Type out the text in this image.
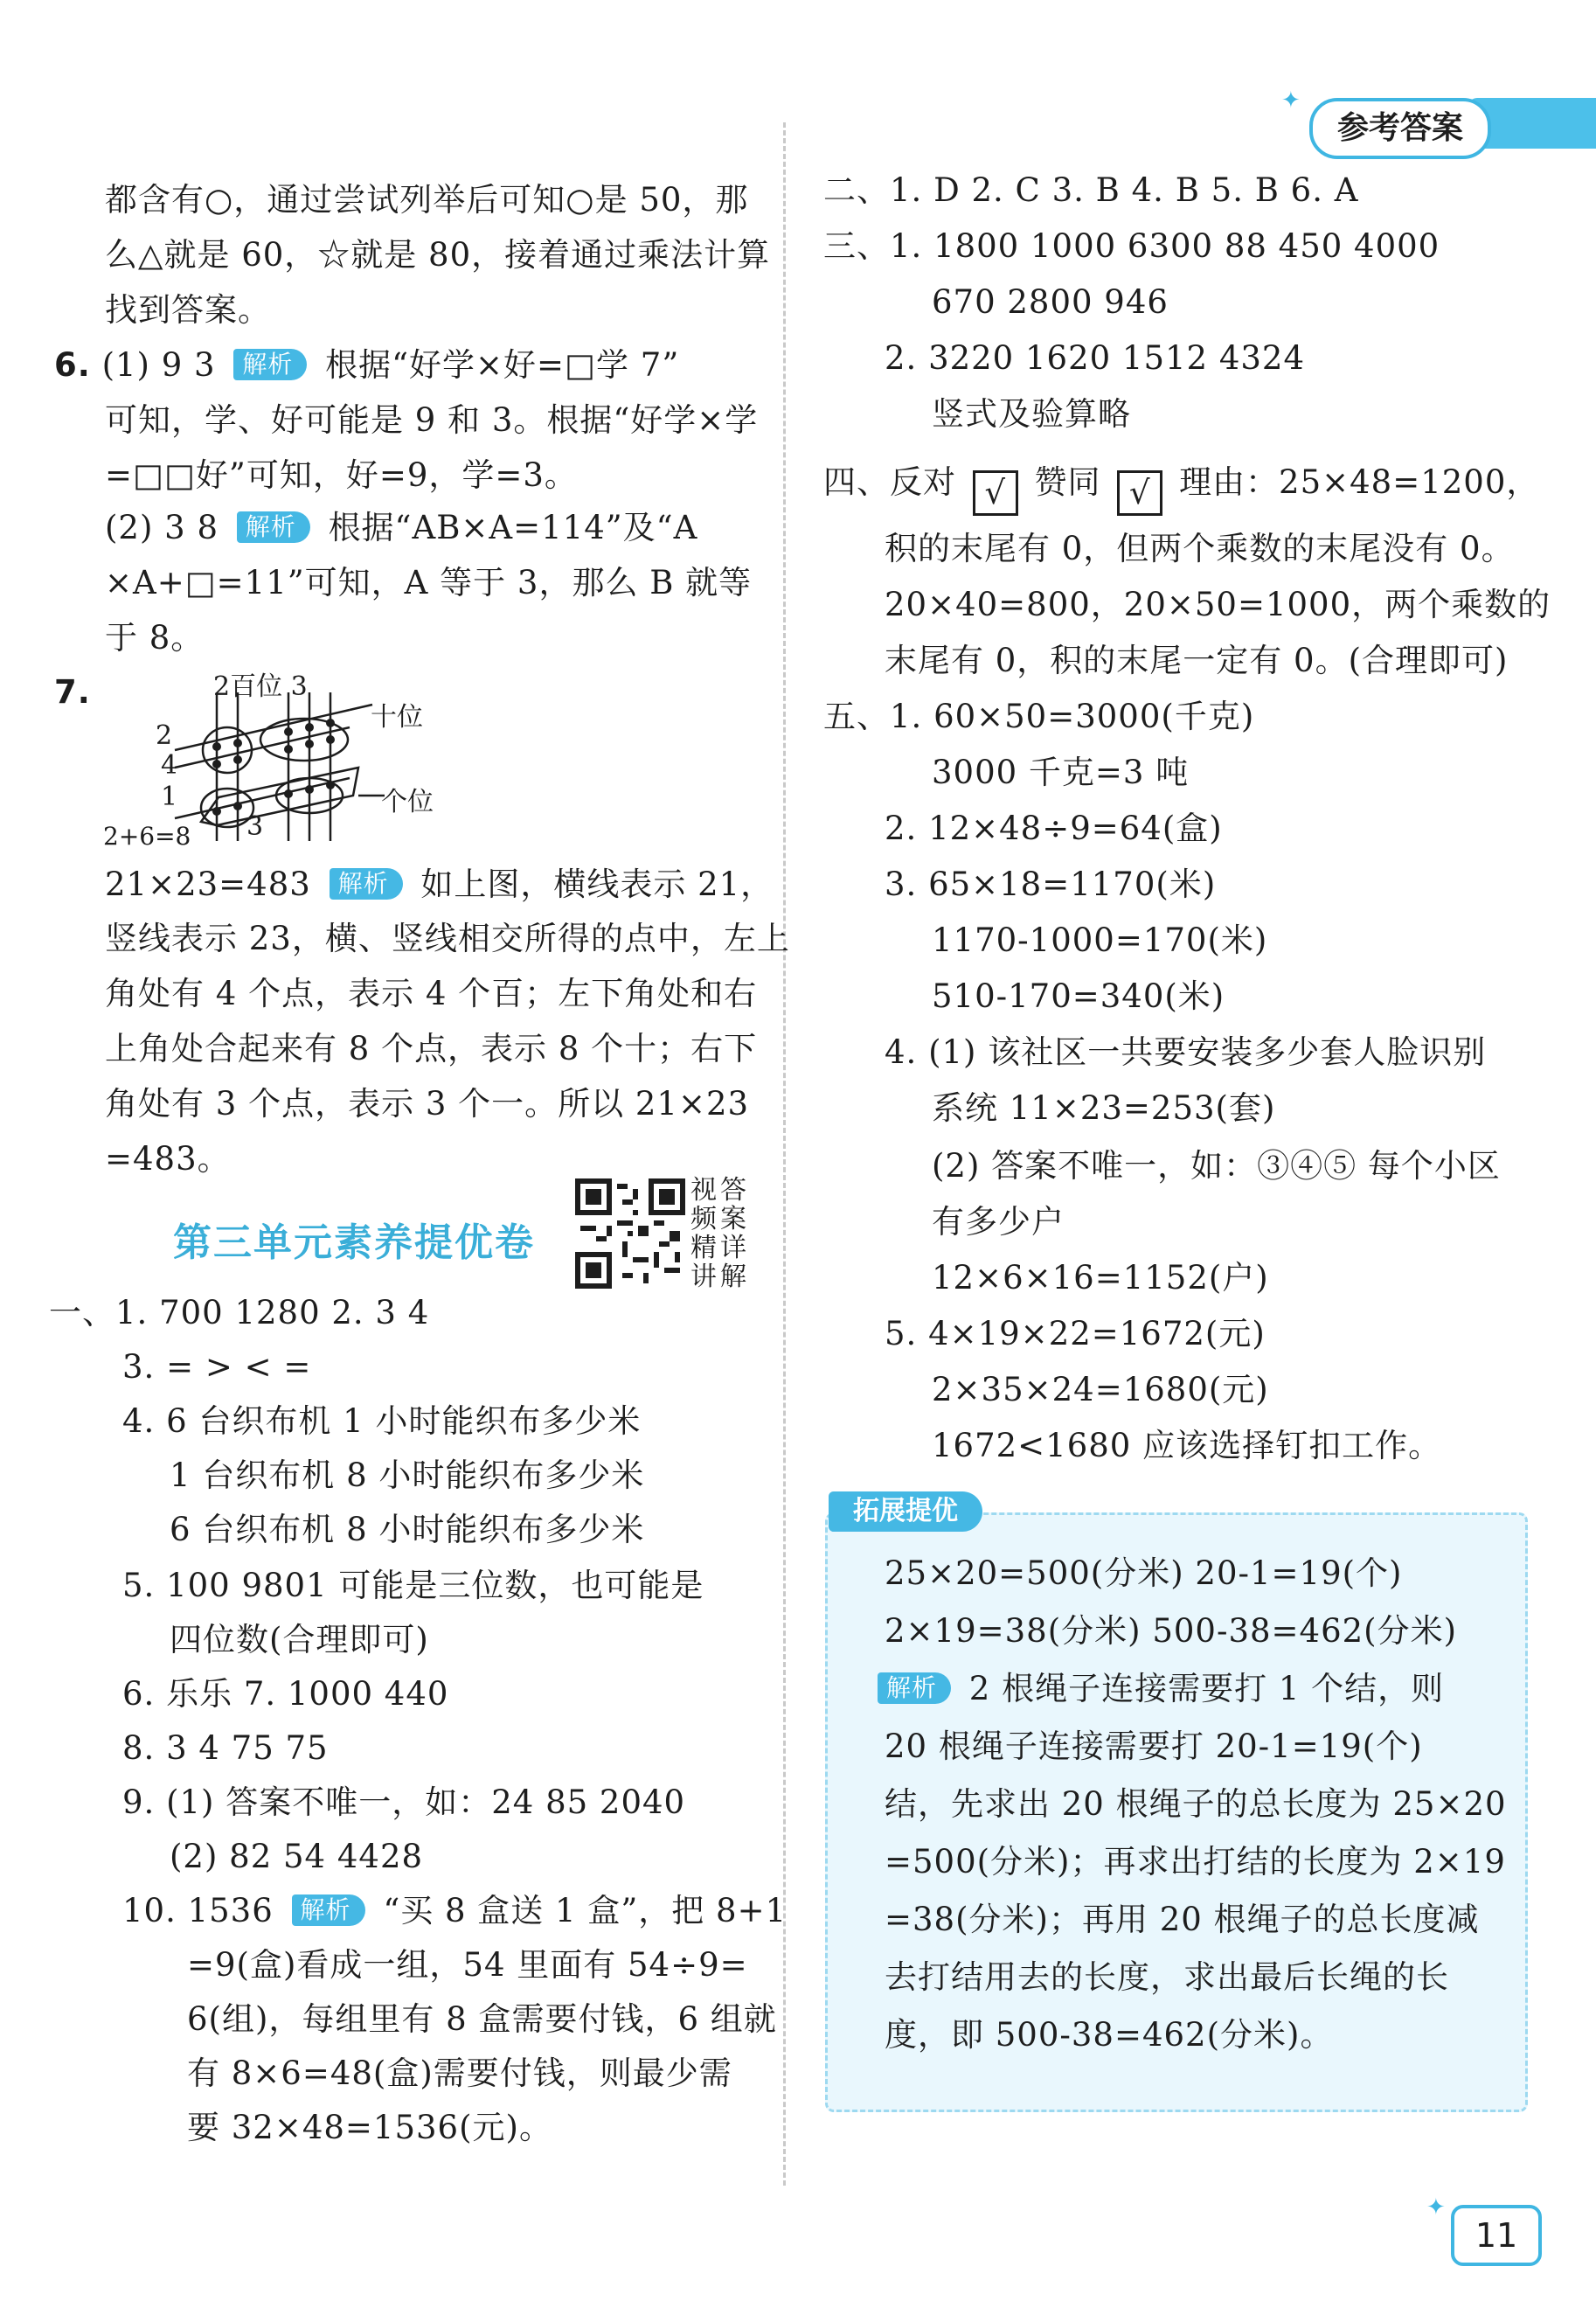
参考答案
✦
都含有○，通过尝试列举后可知○是 50，那
么△就是 60，☆就是 80，接着通过乘法计算
找到答案。
6. (1) 9 3 解析 根据“好学×好=□学 7”
可知，学、好可能是 9 和 3。根据“好学×学
=□□好”可知，好=9，学=3。
(2) 3 8 解析 根据“AB×A=114”及“A
×A+□=11”可知，A 等于 3，那么 B 就等
于 8。
7.	2百位 3
十位
个位
2
4
1
2+6=8 3
21×23=483 解析 如上图，横线表示 21，
竖线表示 23，横、竖线相交所得的点中，左上
角处有 4 个点，表示 4 个百；左下角处和右
上角处合起来有 8 个点，表示 8 个十；右下
角处有 3 个点，表示 3 个一。所以 21×23
=483。
第三单元素养提优卷
视答
频案
精详
讲解
一、1. 700 1280 2. 3 4
3. = > < =
4. 6 台织布机 1 小时能织布多少米
1 台织布机 8 小时能织布多少米
6 台织布机 8 小时能织布多少米
5. 100 9801 可能是三位数，也可能是
四位数(合理即可)
6. 乐乐 7. 1000 440
8. 3 4 75 75
9. (1) 答案不唯一，如：24 85 2040
(2) 82 54 4428
10. 1536 解析 “买 8 盒送 1 盒”，把 8+1
=9(盒)看成一组，54 里面有 54÷9=
6(组)，每组里有 8 盒需要付钱，6 组就
有 8×6=48(盒)需要付钱，则最少需
要 32×48=1536(元)。
二、1. D 2. C 3. B 4. B 5. B 6. A
三、1. 1800 1000 6300 88 450 4000
670 2800 946
2. 3220 1620 1512 4324
竖式及验算略
四、反对 √ 赞同 √ 理由：25×48=1200，
积的末尾有 0，但两个乘数的末尾没有 0。
20×40=800，20×50=1000，两个乘数的
末尾有 0，积的末尾一定有 0。(合理即可)
五、1. 60×50=3000(千克)
3000 千克=3 吨
2. 12×48÷9=64(盒)
3. 65×18=1170(米)
1170-1000=170(米)
510-170=340(米)
4. (1) 该社区一共要安装多少套人脸识别
系统 11×23=253(套)
(2) 答案不唯一，如：③④⑤ 每个小区
有多少户
12×6×16=1152(户)
5. 4×19×22=1672(元)
2×35×24=1680(元)
1672<1680 应该选择钉扣工作。
拓展提优
25×20=500(分米) 20-1=19(个)
2×19=38(分米) 500-38=462(分米)
解析 2 根绳子连接需要打 1 个结，则
20 根绳子连接需要打 20-1=19(个)
结，先求出 20 根绳子的总长度为 25×20
=500(分米)；再求出打结的长度为 2×19
=38(分米)；再用 20 根绳子的总长度减
去打结用去的长度，求出最后长绳的长
度，即 500-38=462(分米)。
✦
11
